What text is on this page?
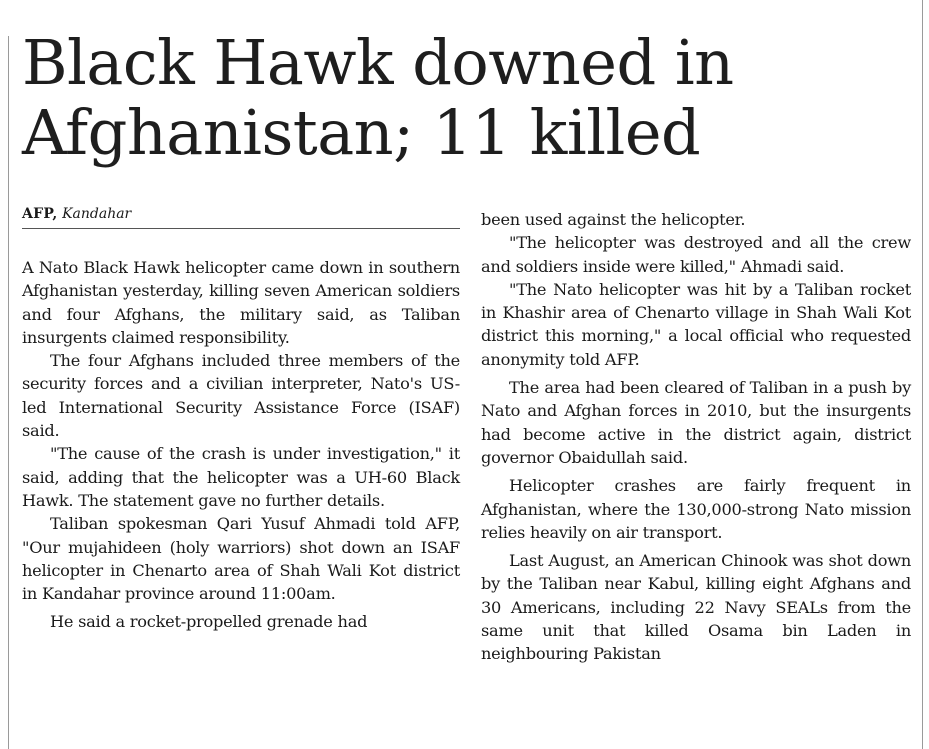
Black Hawk downed in Afghanistan; 11 killed
AFP, Kandahar

A Nato Black Hawk helicopter came down in southern Afghanistan yesterday, killing seven American soldiers and four Afghans, the military said, as Taliban insurgents claimed responsibility.

The four Afghans included three members of the security forces and a civilian interpreter, Nato's US-led International Security Assistance Force (ISAF) said.

"The cause of the crash is under investigation," it said, adding that the helicopter was a UH-60 Black Hawk. The statement gave no further details.

Taliban spokesman Qari Yusuf Ahmadi told AFP, "Our mujahideen (holy warriors) shot down an ISAF helicopter in Chenarto area of Shah Wali Kot district in Kandahar province around 11:00am.

He said a rocket-propelled grenade had

been used against the helicopter.

"The helicopter was destroyed and all the crew and soldiers inside were killed," Ahmadi said.

"The Nato helicopter was hit by a Taliban rocket in Khashir area of Chenarto village in Shah Wali Kot district this morning," a local official who requested anonymity told AFP.

The area had been cleared of Taliban in a push by Nato and Afghan forces in 2010, but the insurgents had become active in the district again, district governor Obaidullah said.

Helicopter crashes are fairly frequent in Afghanistan, where the 130,000-strong Nato mission relies heavily on air transport.

Last August, an American Chinook was shot down by the Taliban near Kabul, killing eight Afghans and 30 Americans, including 22 Navy SEALs from the same unit that killed Osama bin Laden in neighbouring Pakistan
